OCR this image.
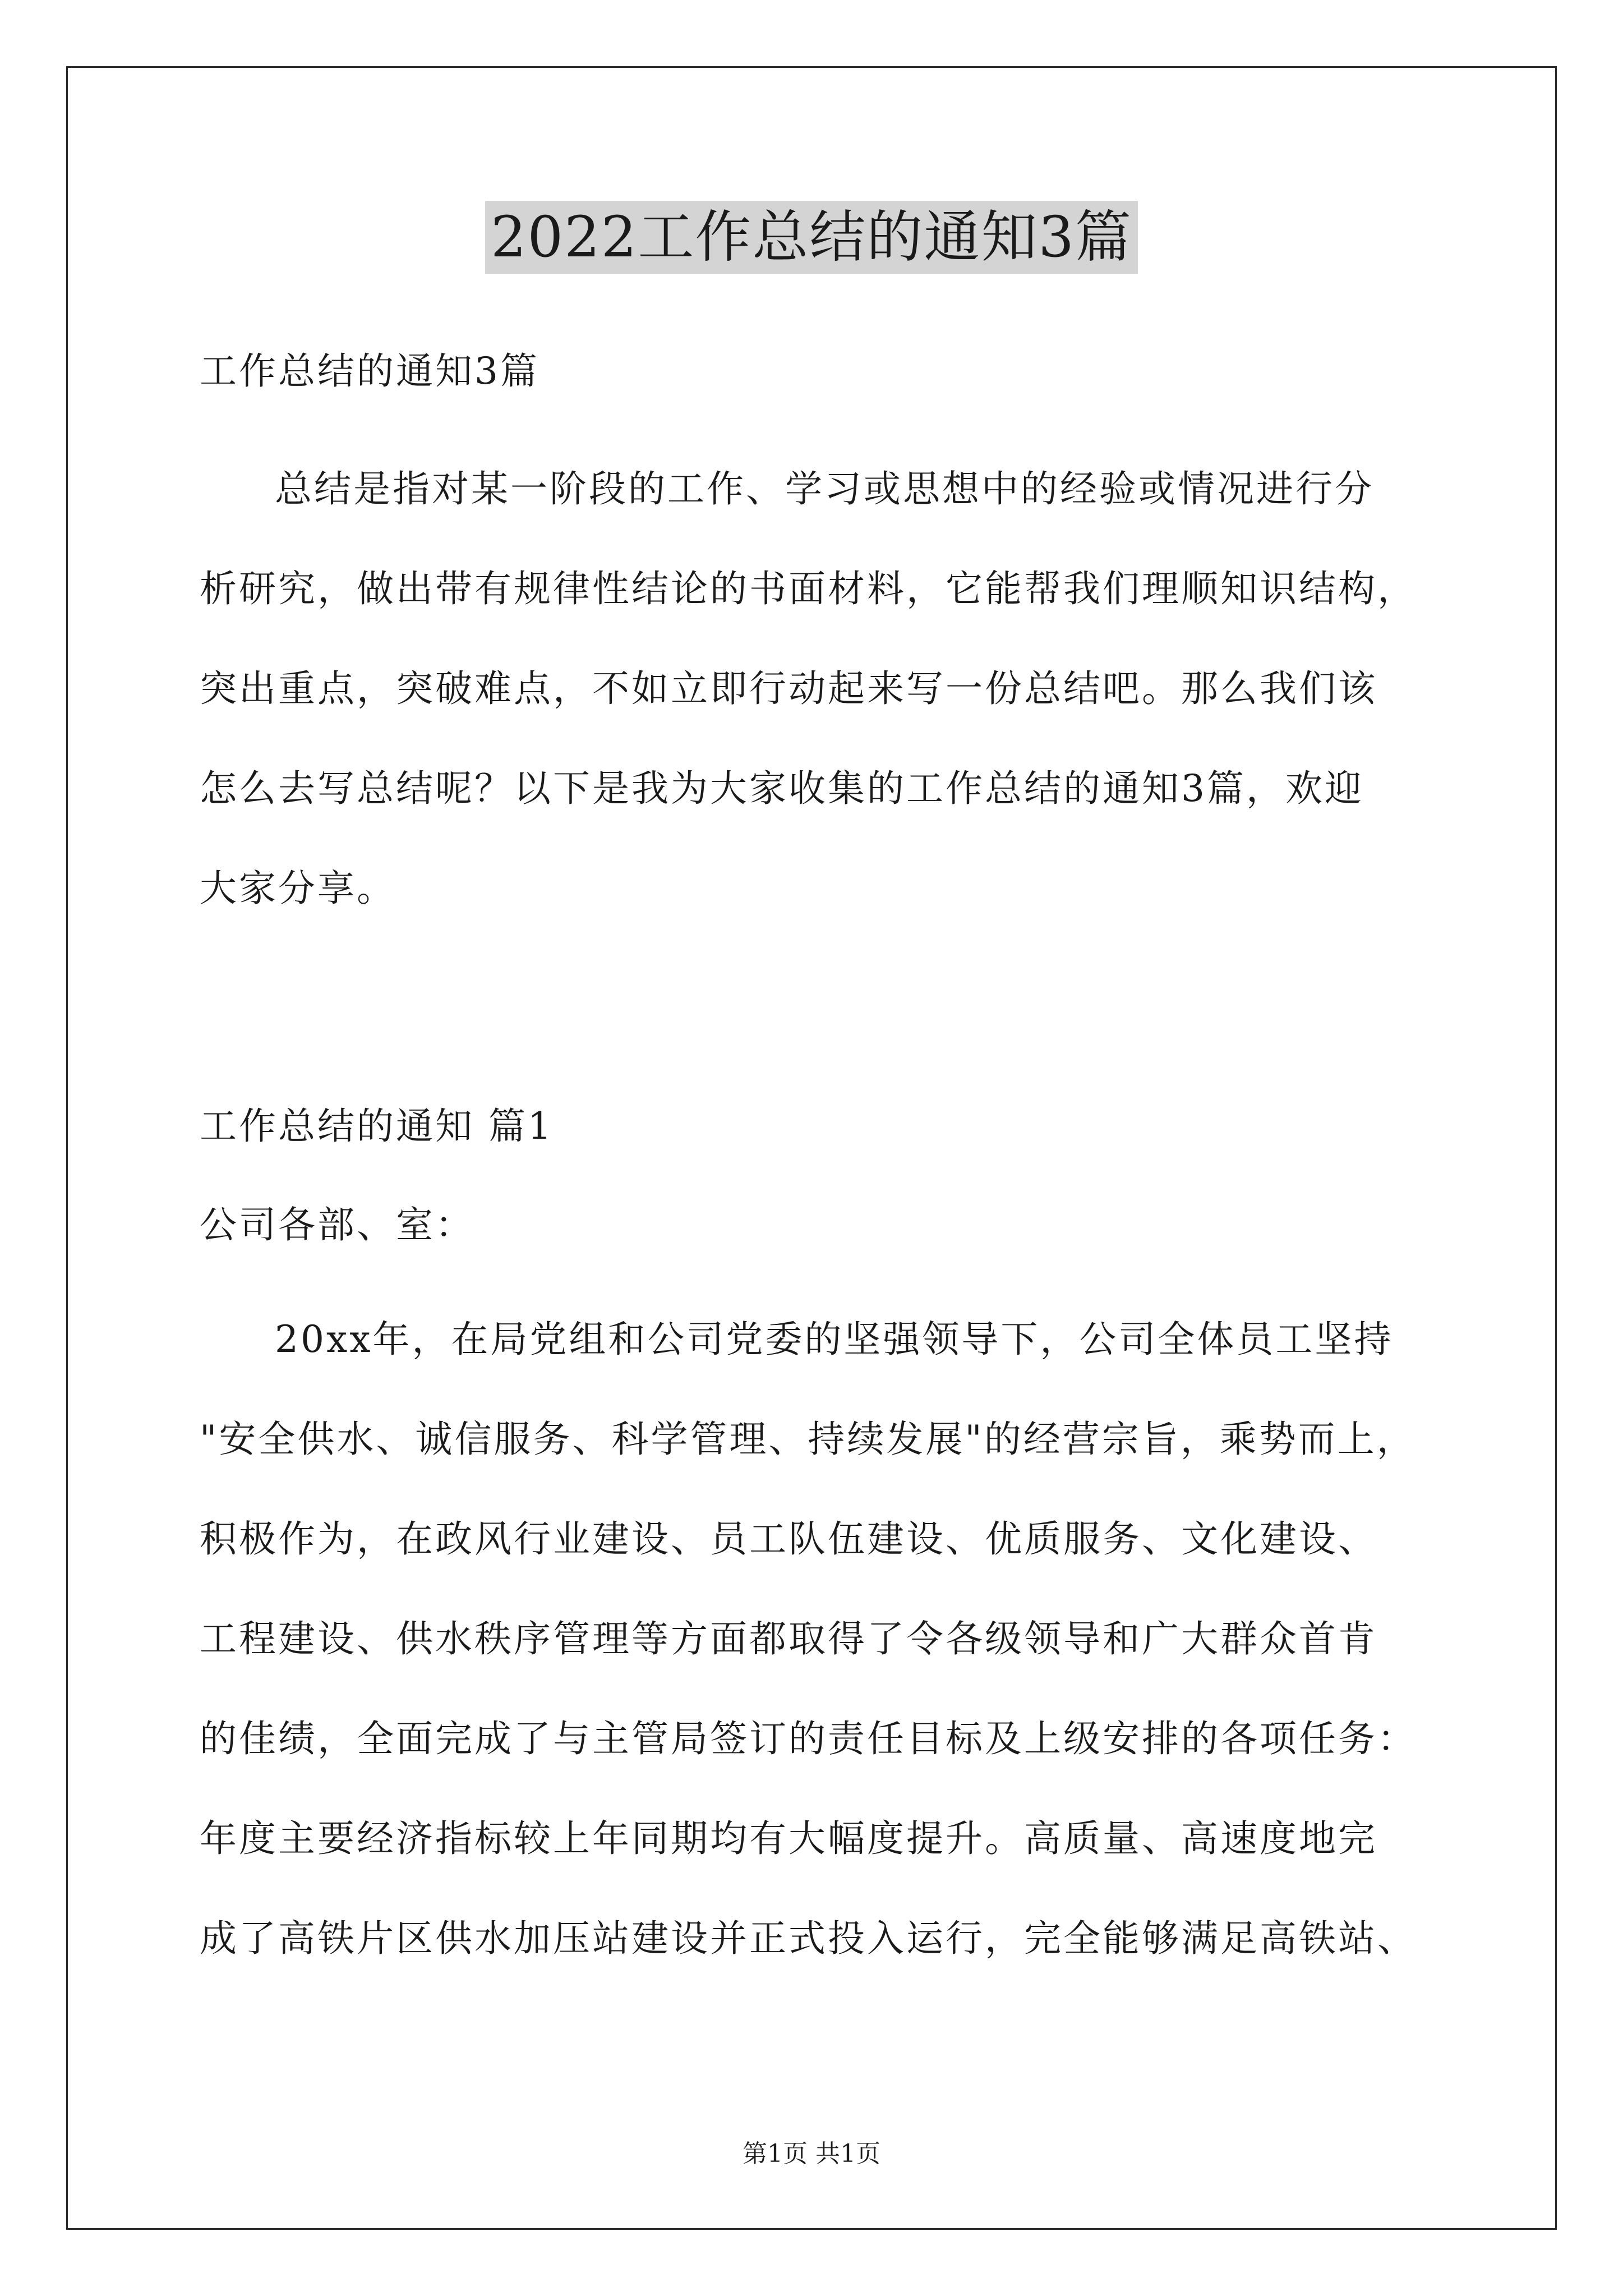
2022工作总结的通知3篇
工作总结的通知3篇
总结是指对某一阶段的工作、学习或思想中的经验或情况进行分
析研究，做出带有规律性结论的书面材料，它能帮我们理顺知识结构，
突出重点，突破难点，不如立即行动起来写一份总结吧。那么我们该
怎么去写总结呢？以下是我为大家收集的工作总结的通知3篇，欢迎
大家分享。
工作总结的通知 篇1
公司各部、室：
20xx年，在局党组和公司党委的坚强领导下，公司全体员工坚持
"安全供水、诚信服务、科学管理、持续发展"的经营宗旨，乘势而上，
积极作为，在政风行业建设、员工队伍建设、优质服务、文化建设、
工程建设、供水秩序管理等方面都取得了令各级领导和广大群众首肯
的佳绩，全面完成了与主管局签订的责任目标及上级安排的各项任务：
年度主要经济指标较上年同期均有大幅度提升。高质量、高速度地完
成了高铁片区供水加压站建设并正式投入运行，完全能够满足高铁站、
第1页 共1页
